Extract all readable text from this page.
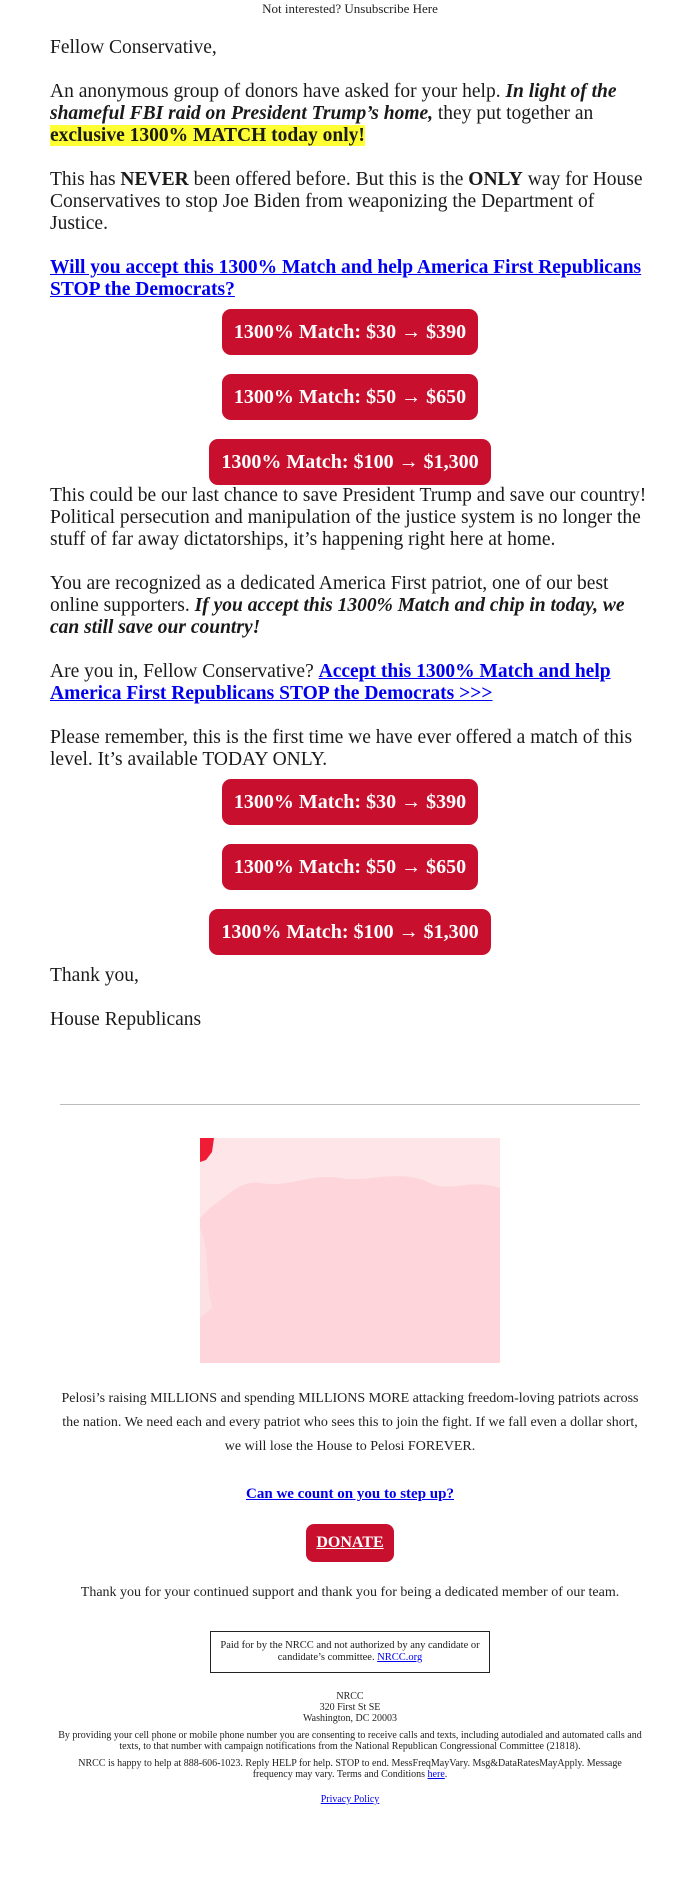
Not interested? Unsubscribe Here

Fellow Conservative,

An anonymous group of donors have asked for your help. In light of the shameful FBI raid on President Trump’s home, they put together an exclusive 1300% MATCH today only!

This has NEVER been offered before. But this is the ONLY way for House Conservatives to stop Joe Biden from weaponizing the Department of Justice.

Will you accept this 1300% Match and help America First Republicans STOP the Democrats?

1300% Match: $30 → $390
1300% Match: $50 → $650
1300% Match: $100 → $1,300

This could be our last chance to save President Trump and save our country! Political persecution and manipulation of the justice system is no longer the stuff of far away dictatorships, it’s happening right here at home.

You are recognized as a dedicated America First patriot, one of our best online supporters. If you accept this 1300% Match and chip in today, we can still save our country!

Are you in, Fellow Conservative? Accept this 1300% Match and help America First Republicans STOP the Democrats >>>

Please remember, this is the first time we have ever offered a match of this level. It’s available TODAY ONLY.

1300% Match: $30 → $390
1300% Match: $50 → $650
1300% Match: $100 → $1,300

Thank you,

House Republicans

Pelosi’s raising MILLIONS and spending MILLIONS MORE attacking freedom-loving patriots across the nation. We need each and every patriot who sees this to join the fight. If we fall even a dollar short, we will lose the House to Pelosi FOREVER.
Can we count on you to step up?
DONATE
Thank you for your continued support and thank you for being a dedicated member of our team.
Paid for by the NRCC and not authorized by any candidate or candidate’s committee. NRCC.org
NRCC
320 First St SE
Washington, DC 20003
By providing your cell phone or mobile phone number you are consenting to receive calls and texts, including autodialed and automated calls and texts, to that number with campaign notifications from the National Republican Congressional Committee (21818).
NRCC is happy to help at 888-606-1023. Reply HELP for help. STOP to end. MessFreqMayVary. Msg&DataRatesMayApply. Message frequency may vary. Terms and Conditions here.
Privacy Policy
